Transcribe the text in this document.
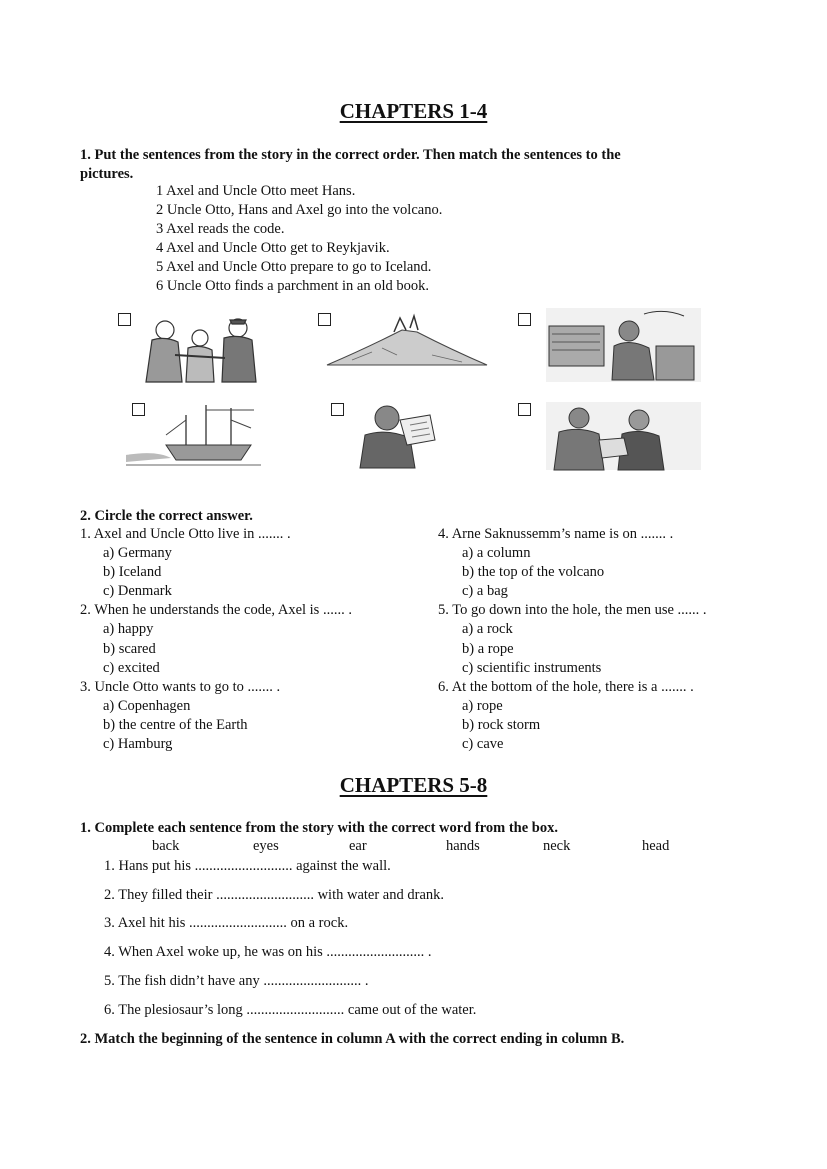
CHAPTERS 1-4
1. Put the sentences from the story in the correct order. Then match the sentences to the
pictures.
1 Axel and Uncle Otto meet Hans.
2 Uncle Otto, Hans and Axel go into the volcano.
3 Axel reads the code.
4 Axel and Uncle Otto get to Reykjavik.
5 Axel and Uncle Otto prepare to go to Iceland.
6 Uncle Otto finds a parchment in an old book.
2. Circle the correct answer.
1. Axel and Uncle Otto live in ....... .
a) Germany
b) Iceland
c) Denmark
2. When he understands the code, Axel is ...... .
a) happy
b) scared
c) excited
3. Uncle Otto wants to go to ....... .
a) Copenhagen
b) the centre of the Earth
c) Hamburg
4. Arne Saknussemm’s name is on ....... .
a) a column
b) the top of the volcano
c) a bag
5. To go down into the hole, the men use ...... .
a) a rock
b) a rope
c) scientific instruments
6. At the bottom of the hole, there is a ....... .
a) rope
b) rock storm
c) cave
CHAPTERS 5-8
1. Complete each sentence from the story with the correct word from the box.
back	eyes	ear	hands	neck	head
1. Hans put his ........................... against the wall.
2. They filled their ........................... with water and drank.
3. Axel hit his ........................... on a rock.
4. When Axel woke up, he was on his ........................... .
5. The fish didn’t have any ........................... .
6. The plesiosaur’s long ........................... came out of the water.
2. Match the beginning of the sentence in column A with the correct ending in column B.
